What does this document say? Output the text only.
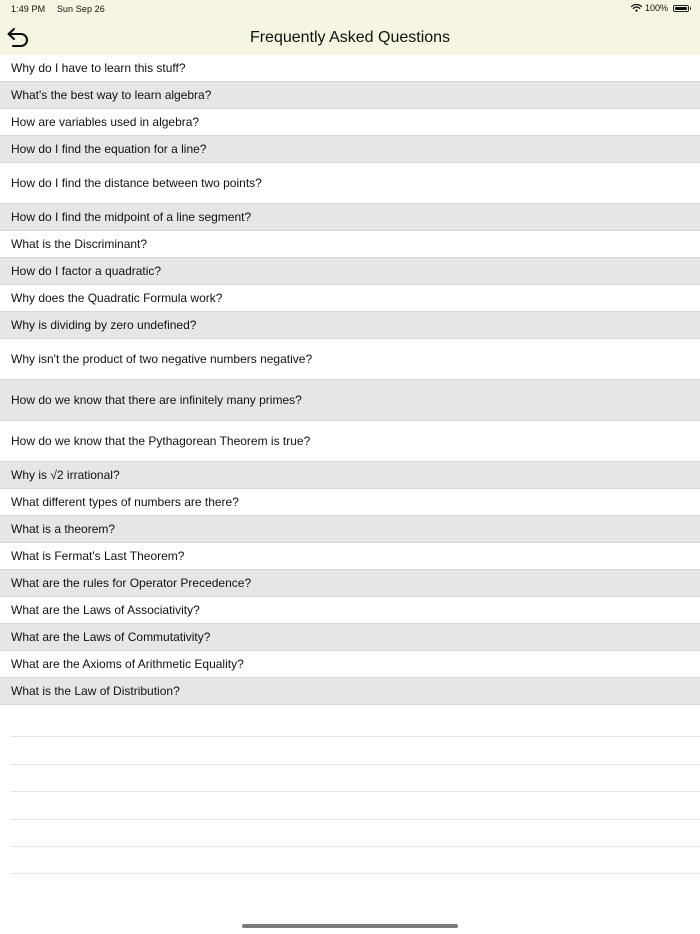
1:49 PM Sun Sep 26	100%
Frequently Asked Questions
Why do I have to learn this stuff?
What's the best way to learn algebra?
How are variables used in algebra?
How do I find the equation for a line?
How do I find the distance between two points?
How do I find the midpoint of a line segment?
What is the Discriminant?
How do I factor a quadratic?
Why does the Quadratic Formula work?
Why is dividing by zero undefined?
Why isn't the product of two negative numbers negative?
How do we know that there are infinitely many primes?
How do we know that the Pythagorean Theorem is true?
Why is √2 irrational?
What different types of numbers are there?
What is a theorem?
What is Fermat's Last Theorem?
What are the rules for Operator Precedence?
What are the Laws of Associativity?
What are the Laws of Commutativity?
What are the Axioms of Arithmetic Equality?
What is the Law of Distribution?
